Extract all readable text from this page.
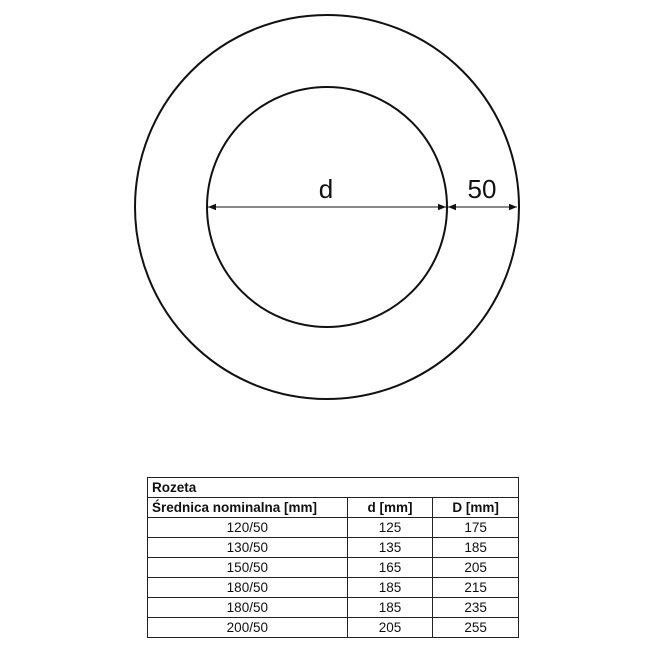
d	50
Rozeta		
Średnica nominalna [mm]	d [mm]	D [mm]
120/50	125	175
130/50	135	185
150/50	165	205
180/50	185	215
180/50	185	235
200/50	205	255
